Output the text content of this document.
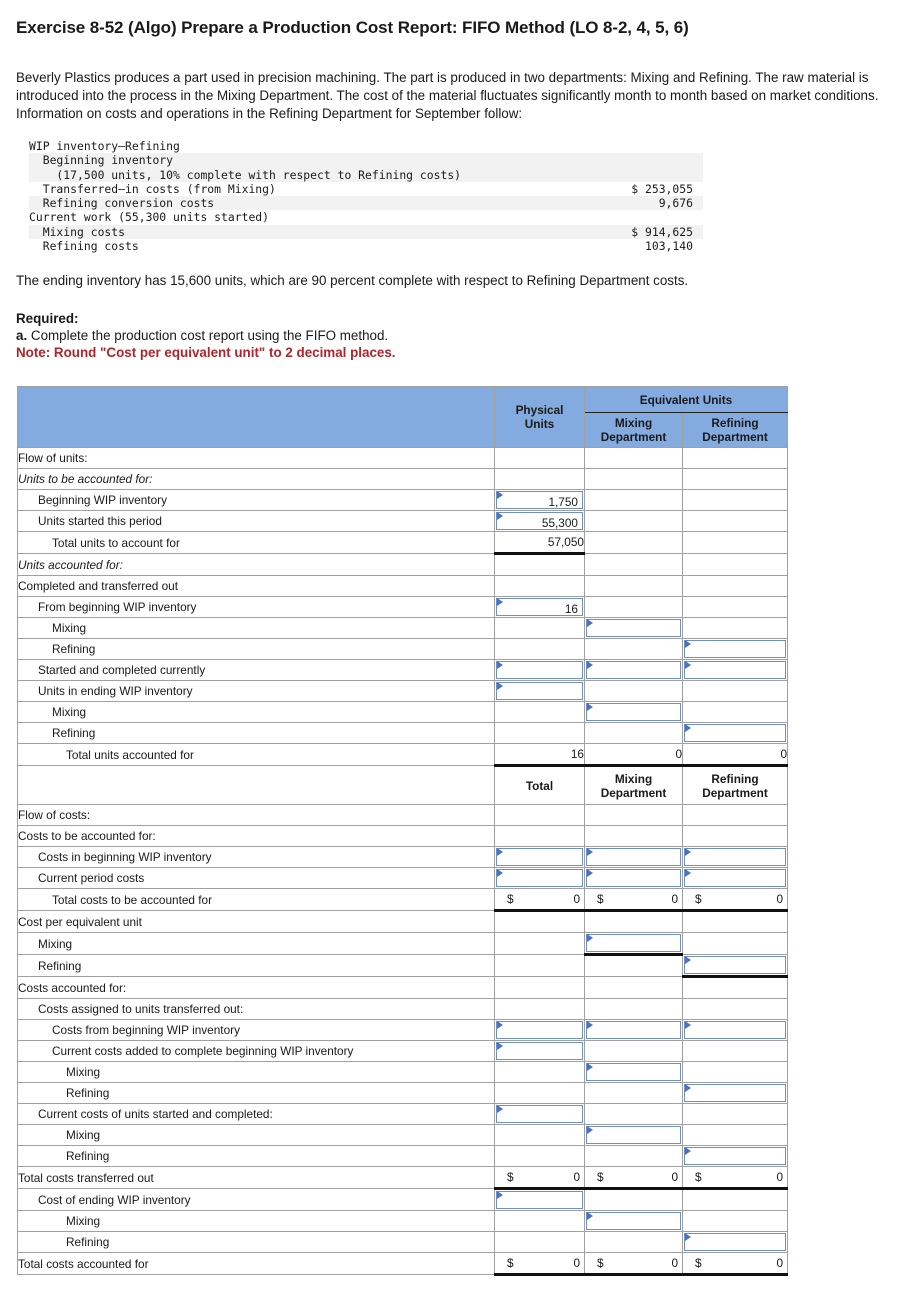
Exercise 8-52 (Algo) Prepare a Production Cost Report: FIFO Method (LO 8-2, 4, 5, 6)
Beverly Plastics produces a part used in precision machining. The part is produced in two departments: Mixing and Refining. The raw material is introduced into the process in the Mixing Department. The cost of the material fluctuates significantly month to month based on market conditions. Information on costs and operations in the Refining Department for September follow:
WIP inventory—Refining
Beginning inventory
(17,500 units, 10% complete with respect to Refining costs)
Transferred—in costs (from Mixing)	$ 253,055
Refining conversion costs	9,676
Current work (55,300 units started)
Mixing costs	$ 914,625
Refining costs	103,140
The ending inventory has 15,600 units, which are 90 percent complete with respect to Refining Department costs.
Required:
a. Complete the production cost report using the FIFO method.
Note: Round "Cost per equivalent unit" to 2 decimal places.
	Physical Units	Equivalent Units	
		Mixing Department	Refining Department
Flow of units:			
Units to be accounted for:			
Beginning WIP inventory	1,750		

Units started this period	55,300		

Total units to account for	57,050		
Units accounted for:			
Completed and transferred out			
From beginning WIP inventory	16		

Mixing		

Refining			

Started and completed currently	

Units in ending WIP inventory	

Mixing		

Refining			

Total units accounted for	16	0	0
	Total	Mixing Department	Refining Department
Flow of costs:			
Costs to be accounted for:			
Costs in beginning WIP inventory	

Current period costs	

Total costs to be accounted for	$ 0	$ 0	$ 0

Cost per equivalent unit			
Mixing		

Refining			

Costs accounted for:			
Costs assigned to units transferred out:			
Costs from beginning WIP inventory	

Current costs added to complete beginning WIP inventory	

Mixing		

Refining			

Current costs of units started and completed:	

Mixing		

Refining			

Total costs transferred out	$ 0	$ 0	$ 0

Cost of ending WIP inventory	

Mixing		

Refining			

Total costs accounted for	$ 0	$ 0	$ 0
